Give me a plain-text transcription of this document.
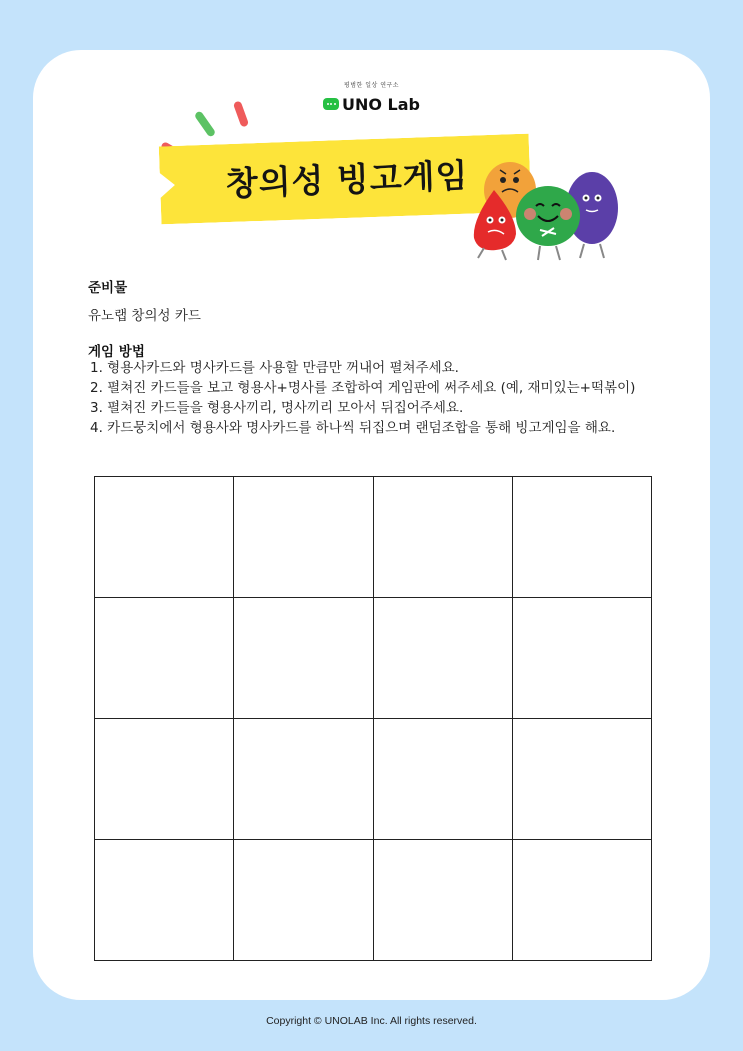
평범한 일상 연구소
UNO Lab
창의성 빙고게임
준비물
유노랩 창의성 카드
게임 방법
1. 형용사카드와 명사카드를 사용할 만큼만 꺼내어 펼쳐주세요.
2. 펼쳐진 카드들을 보고 형용사+명사를 조합하여 게임판에 써주세요 (예, 재미있는+떡볶이)
3. 펼쳐진 카드들을 형용사끼리, 명사끼리 모아서 뒤집어주세요.
4. 카드뭉치에서 형용사와 명사카드를 하나씩 뒤집으며 랜덤조합을 통해 빙고게임을 해요.
Copyright © UNOLAB Inc. All rights reserved.
